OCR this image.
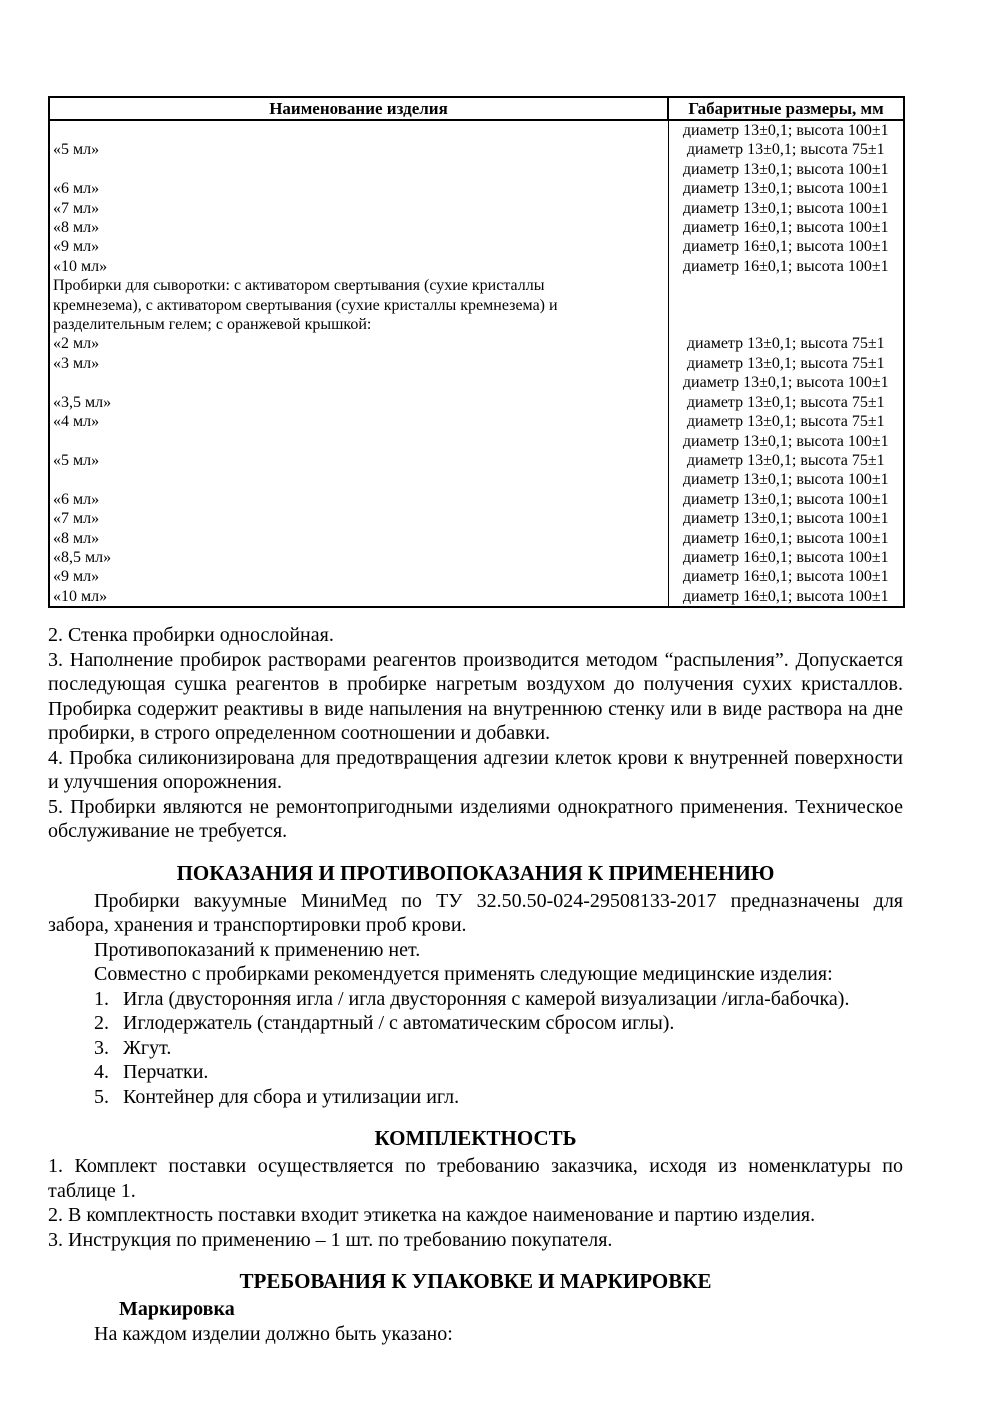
Наименование изделия	Габаритные размеры, мм
	диаметр 13±0,1; высота 100±1
«5 мл»	диаметр 13±0,1; высота 75±1
	диаметр 13±0,1; высота 100±1
«6 мл»	диаметр 13±0,1; высота 100±1
«7 мл»	диаметр 13±0,1; высота 100±1
«8 мл»	диаметр 16±0,1; высота 100±1
«9 мл»	диаметр 16±0,1; высота 100±1
«10 мл»	диаметр 16±0,1; высота 100±1
Пробирки для сыворотки: с активатором свертывания (сухие кристаллы	
кремнезема), с активатором свертывания (сухие кристаллы кремнезема) и	
разделительным гелем; с оранжевой крышкой:	
«2 мл»	диаметр 13±0,1; высота 75±1
«3 мл»	диаметр 13±0,1; высота 75±1
	диаметр 13±0,1; высота 100±1
«3,5 мл»	диаметр 13±0,1; высота 75±1
«4 мл»	диаметр 13±0,1; высота 75±1
	диаметр 13±0,1; высота 100±1
«5 мл»	диаметр 13±0,1; высота 75±1
	диаметр 13±0,1; высота 100±1
«6 мл»	диаметр 13±0,1; высота 100±1
«7 мл»	диаметр 13±0,1; высота 100±1
«8 мл»	диаметр 16±0,1; высота 100±1
«8,5 мл»	диаметр 16±0,1; высота 100±1
«9 мл»	диаметр 16±0,1; высота 100±1
«10 мл»	диаметр 16±0,1; высота 100±1

2. Стенка пробирки однослойная.

3. Наполнение пробирок растворами реагентов производится методом “распыления”. Допускается последующая сушка реагентов в пробирке нагретым воздухом до получения сухих кристаллов. Пробирка содержит реактивы в виде напыления на внутреннюю стенку или в виде раствора на дне пробирки, в строго определенном соотношении и добавки.

4. Пробка силиконизирована для предотвращения адгезии клеток крови к внутренней поверхности и улучшения опорожнения.

5. Пробирки являются не ремонтопригодными изделиями однократного применения. Техническое обслуживание не требуется.

ПОКАЗАНИЯ И ПРОТИВОПОКАЗАНИЯ К ПРИМЕНЕНИЮ

Пробирки вакуумные МиниМед по ТУ 32.50.50-024-29508133-2017 предназначены для забора, хранения и транспортировки проб крови.

Противопоказаний к применению нет.

Совместно с пробирками рекомендуется применять следующие медицинские изделия:

1. Игла (двусторонняя игла / игла двусторонняя с камерой визуализации /игла-бабочка).
2. Иглодержатель (стандартный / с автоматическим сбросом иглы).
3. Жгут.
4. Перчатки.
5. Контейнер для сбора и утилизации игл.
КОМПЛЕКТНОСТЬ

1. Комплект поставки осуществляется по требованию заказчика, исходя из номенклатуры по таблице 1.

2. В комплектность поставки входит этикетка на каждое наименование и партию изделия.

3. Инструкция по применению – 1 шт. по требованию покупателя.

ТРЕБОВАНИЯ К УПАКОВКЕ И МАРКИРОВКЕ

Маркировка

На каждом изделии должно быть указано:
